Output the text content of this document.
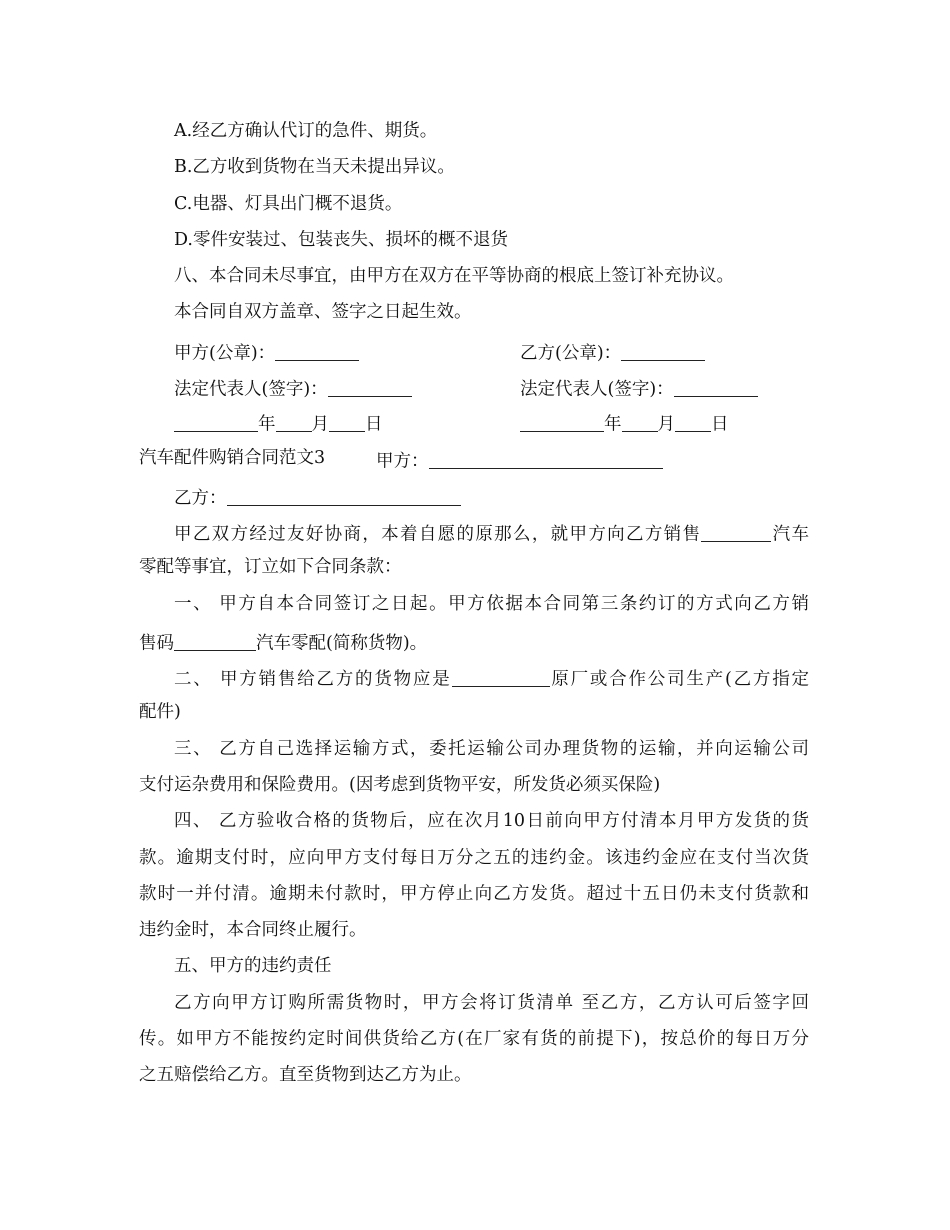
A.经乙方确认代订的急件、期货。
B.乙方收到货物在当天未提出异议。
C.电器、灯具出门概不退货。
D.零件安装过、包装丧失、损坏的概不退货
八、本合同未尽事宜，由甲方在双方在平等协商的根底上签订补充协议。
本合同自双方盖章、签字之日起生效。
甲方(公章)：	乙方(公章)：
法定代表人(签字)：	法定代表人(签字)：
年 月 日	年 月 日
汽车配件购销合同范文3	甲方：
乙方：
甲乙双方经过友好协商，本着自愿的原那么，就甲方向乙方销售	汽车
零配等事宜，订立如下合同条款：
一、 甲方自本合同签订之日起。甲方依据本合同第三条约订的方式向乙方销
售码	汽车零配(简称货物)。
二、 甲方销售给乙方的货物应是	原厂或合作公司生产(乙方指定
配件)
三、 乙方自己选择运输方式，委托运输公司办理货物的运输，并向运输公司
支付运杂费用和保险费用。(因考虑到货物平安，所发货必须买保险)
四、 乙方验收合格的货物后，应在次月10日前向甲方付清本月甲方发货的货
款。逾期支付时，应向甲方支付每日万分之五的违约金。该违约金应在支付当次货
款时一并付清。逾期未付款时，甲方停止向乙方发货。超过十五日仍未支付货款和
违约金时，本合同终止履行。
五、甲方的违约责任
乙方向甲方订购所需货物时，甲方会将订货清单 至乙方，乙方认可后签字回
传。如甲方不能按约定时间供货给乙方(在厂家有货的前提下)，按总价的每日万分
之五赔偿给乙方。直至货物到达乙方为止。
